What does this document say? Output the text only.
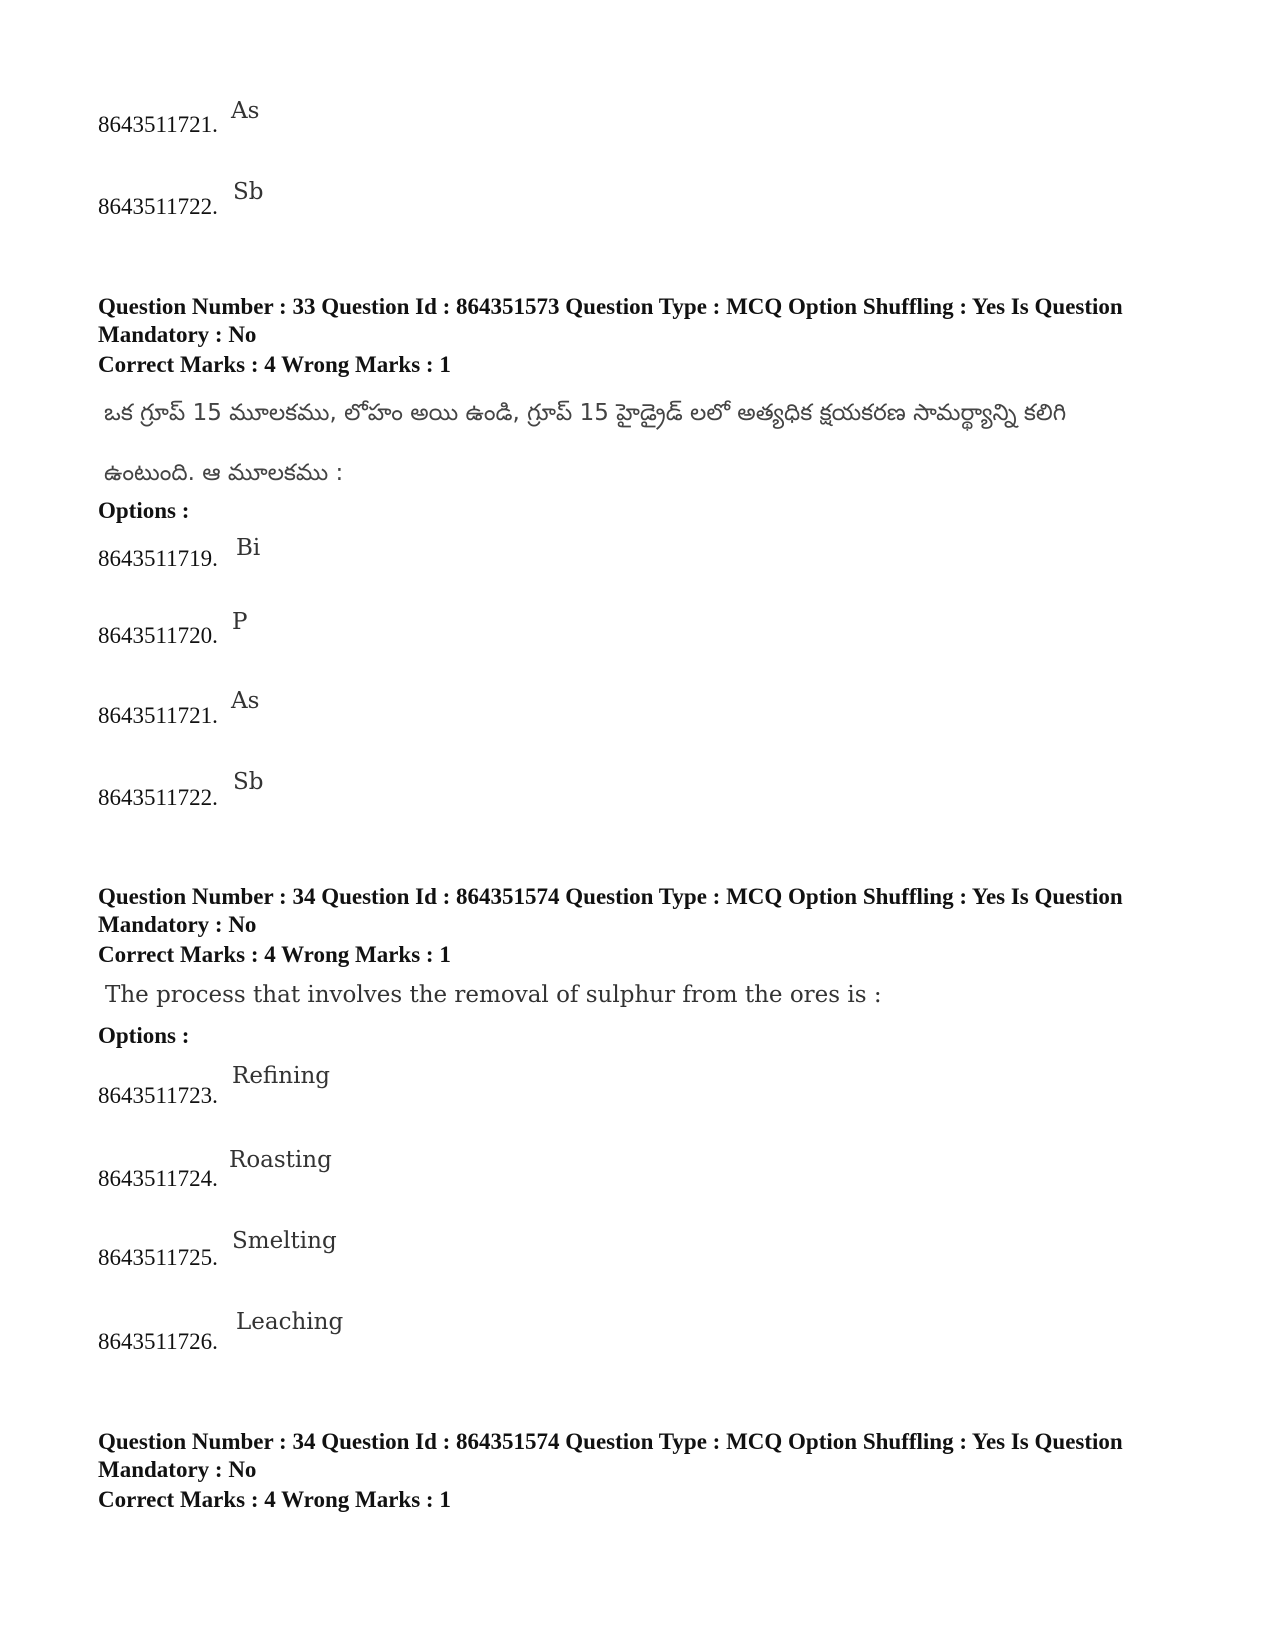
8643511721.
As
8643511722.
Sb
Question Number : 33 Question Id : 864351573 Question Type : MCQ Option Shuffling : Yes Is Question Mandatory : No
Correct Marks : 4 Wrong Marks : 1
ఒక గ్రూప్ 15 మూలకము, లోహం అయి ఉండి, గ్రూప్ 15 హైడ్రైడ్ లలో అత్యధిక క్షయకరణ సామర్థ్యాన్ని కలిగి
ఉంటుంది. ఆ మూలకము :
Options :
8643511719. Bi
8643511720.
P
8643511721.
As
8643511722.
Sb
Question Number : 34 Question Id : 864351574 Question Type : MCQ Option Shuffling : Yes Is Question Mandatory : No
Correct Marks : 4 Wrong Marks : 1
The process that involves the removal of sulphur from the ores is :
Options :
8643511723.
Refining
8643511724.
Roasting
8643511725.
Smelting
8643511726.
Leaching
Question Number : 34 Question Id : 864351574 Question Type : MCQ Option Shuffling : Yes Is Question Mandatory : No
Correct Marks : 4 Wrong Marks : 1
